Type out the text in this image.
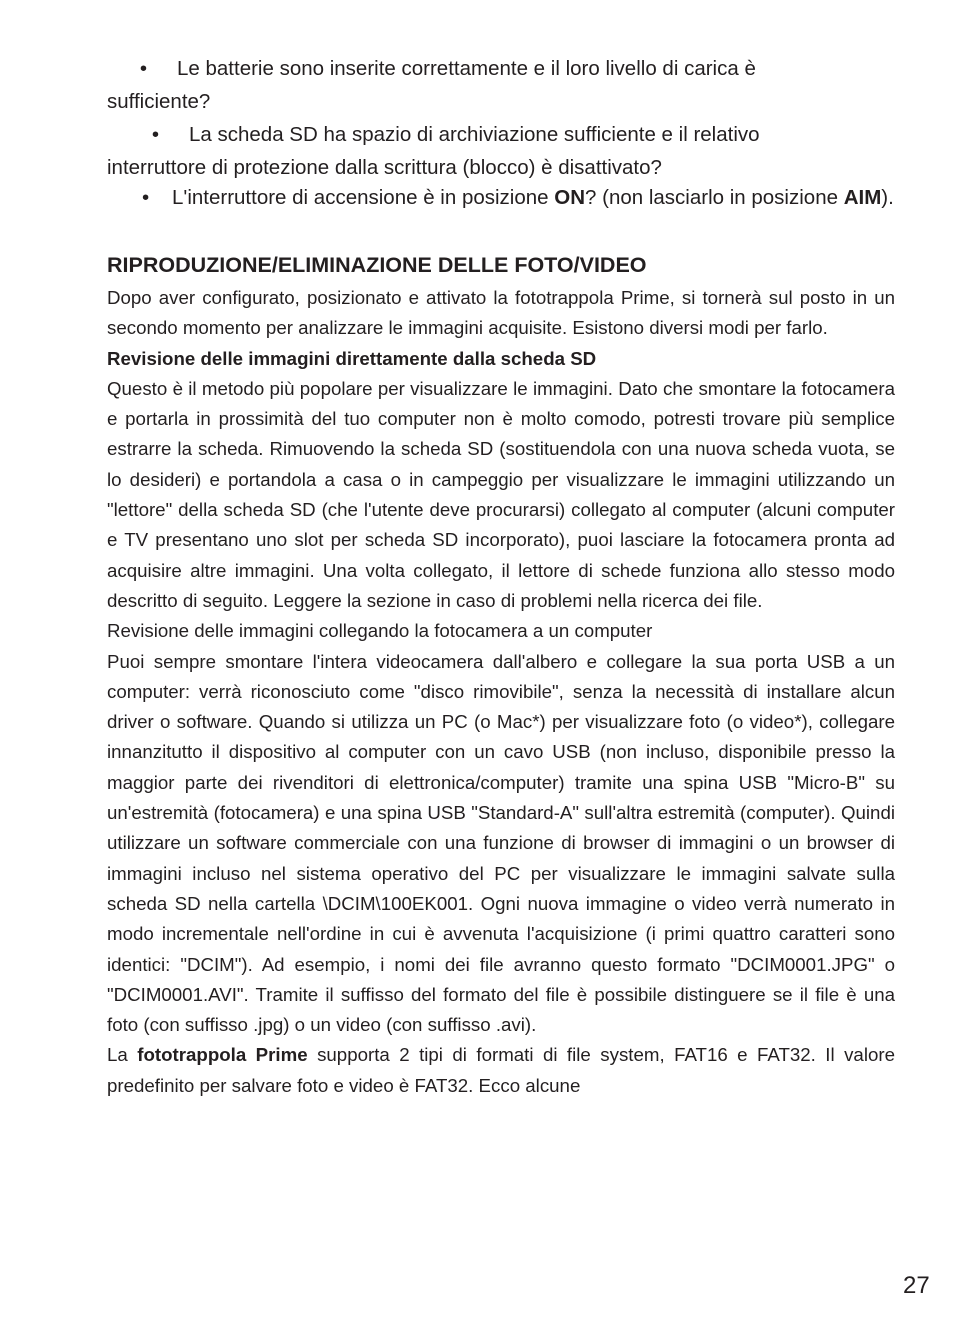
• Le batterie sono inserite correttamente e il loro livello di carica è
sufficiente?
• La scheda SD ha spazio di archiviazione sufficiente e il relativo
interruttore di protezione dalla scrittura (blocco) è disattivato?
• L'interruttore di accensione è in posizione ON? (non lasciarlo in posizione AIM).
RIPRODUZIONE/ELIMINAZIONE DELLE FOTO/VIDEO

Dopo aver configurato, posizionato e attivato la fototrappola Prime, si tornerà sul posto in un secondo momento per analizzare le immagini acquisite. Esistono diversi modi per farlo.

Revisione delle immagini direttamente dalla scheda SD

Questo è il metodo più popolare per visualizzare le immagini. Dato che smontare la fotocamera e portarla in prossimità del tuo computer non è molto comodo, potresti trovare più semplice estrarre la scheda. Rimuovendo la scheda SD (sostituendola con una nuova scheda vuota, se lo desideri) e portandola a casa o in campeggio per visualizzare le immagini utilizzando un "lettore" della scheda SD (che l'utente deve procurarsi) collegato al computer (alcuni computer e TV presentano uno slot per scheda SD incorporato), puoi lasciare la fotocamera pronta ad acquisire altre immagini. Una volta collegato, il lettore di schede funziona allo stesso modo descritto di seguito. Leggere la sezione in caso di problemi nella ricerca dei file.

Revisione delle immagini collegando la fotocamera a un computer

Puoi sempre smontare l'intera videocamera dall'albero e collegare la sua porta USB a un computer: verrà riconosciuto come "disco rimovibile", senza la necessità di installare alcun driver o software. Quando si utilizza un PC (o Mac*) per visualizzare foto (o video*), collegare innanzitutto il dispositivo al computer con un cavo USB (non incluso, disponibile presso la maggior parte dei rivenditori di elettronica/computer) tramite una spina USB "Micro-B" su un'estremità (fotocamera) e una spina USB "Standard-A" sull'altra estremità (computer). Quindi utilizzare un software commerciale con una funzione di browser di immagini o un browser di immagini incluso nel sistema operativo del PC per visualizzare le immagini salvate sulla scheda SD nella cartella \DCIM\100EK001. Ogni nuova immagine o video verrà numerato in modo incrementale nell'ordine in cui è avvenuta l'acquisizione (i primi quattro caratteri sono identici: "DCIM"). Ad esempio, i nomi dei file avranno questo formato "DCIM0001.JPG" o "DCIM0001.AVI". Tramite il suffisso del formato del file è possibile distinguere se il file è una foto (con suffisso .jpg) o un video (con suffisso .avi).

La fototrappola Prime supporta 2 tipi di formati di file system, FAT16 e FAT32. Il valore predefinito per salvare foto e video è FAT32. Ecco alcune

27
